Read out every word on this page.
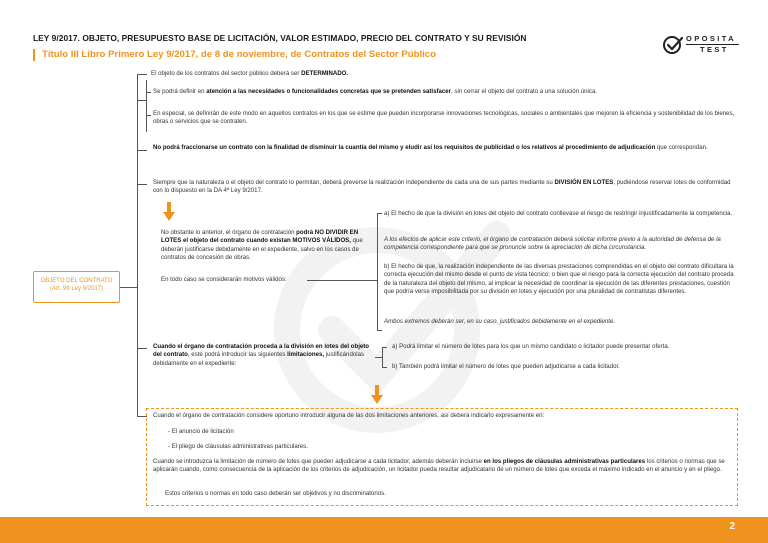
LEY 9/2017. OBJETO, PRESUPUESTO BASE DE LICITACIÓN, VALOR ESTIMADO, PRECIO DEL CONTRATO Y SU REVISIÓN
Título III Libro Primero Ley 9/2017, de 8 de noviembre, de Contratos del Sector Público
OPOSITA
TEST
OBJETO DEL CONTRATO
(Art. 99 Ley 9/2017)
El objeto de los contratos del sector público deberá ser DETERMINADO.
Se podrá definir en atención a las necesidades o funcionalidades concretas que se pretenden satisfacer, sin cerrar el objeto del contrato a una solución única.
En especial, se definirán de este modo en aquellos contratos en los que se estime que pueden incorporarse innovaciones tecnológicas, sociales o ambientales que mejoren la eficiencia y sostenibilidad de los bienes, obras o servicios que se contraten.
No podrá fraccionarse un contrato con la finalidad de disminuir la cuantía del mismo y eludir así los requisitos de publicidad o los relativos al procedimiento de adjudicación que correspondan.
Siempre que la naturaleza o el objeto del contrato lo permitan, deberá preverse la realización independiente de cada una de sus partes mediante su DIVISIÓN EN LOTES, pudiéndose reservar lotes de conformidad con lo dispuesto en la DA 4ª Ley 9/2017.
No obstante lo anterior, el órgano de contratación podrá NO DIVIDIR EN LOTES el objeto del contrato cuando existan MOTIVOS VÁLIDOS, que deberán justificarse debidamente en el expediente, salvo en los casos de contratos de concesión de obras.
En todo caso se considerarán motivos válidos:
a) El hecho de que la división en lotes del objeto del contrato conllevase el riesgo de restringir injustificadamente la competencia.
A los efectos de aplicar este criterio, el órgano de contratación deberá solicitar informe previo a la autoridad de defensa de la competencia correspondiente para que se pronuncie sobre la apreciación de dicha circunstancia.
b) El hecho de que, la realización independiente de las diversas prestaciones comprendidas en el objeto del contrato dificultara la correcta ejecución del mismo desde el punto de vista técnico; o bien que el riesgo para la correcta ejecución del contrato proceda de la naturaleza del objeto del mismo, al implicar la necesidad de coordinar la ejecución de las diferentes prestaciones, cuestión que podría verse imposibilitada por su división en lotes y ejecución por una pluralidad de contratistas diferentes.
Ambos extremos deberán ser, en su caso, justificados debidamente en el expediente.
Cuando el órgano de contratación proceda a la división en lotes del objeto del contrato, este podrá introducir las siguientes limitaciones, justificándolas debidamente en el expediente:
a) Podrá limitar el número de lotes para los que un mismo candidato o licitador puede presentar oferta.
b) También podrá limitar el número de lotes que pueden adjudicarse a cada licitador.
Cuando el órgano de contratación considere oportuno introducir alguna de las dos limitaciones anteriores, así deberá indicarlo expresamente en:
- El anuncio de licitación
- El pliego de cláusulas administrativas particulares.
Cuando se introduzca la limitación de número de lotes que pueden adjudicarse a cada licitador, además deberán incluirse en los pliegos de cláusulas administrativas particulares los criterios o normas que se aplicarán cuando, como consecuencia de la aplicación de los criterios de adjudicación, un licitador pueda resultar adjudicatario de un número de lotes que exceda el máximo indicado en el anuncio y en el pliego.
Estos criterios o normas en todo caso deberán ser objetivos y no discriminatorios.
2
